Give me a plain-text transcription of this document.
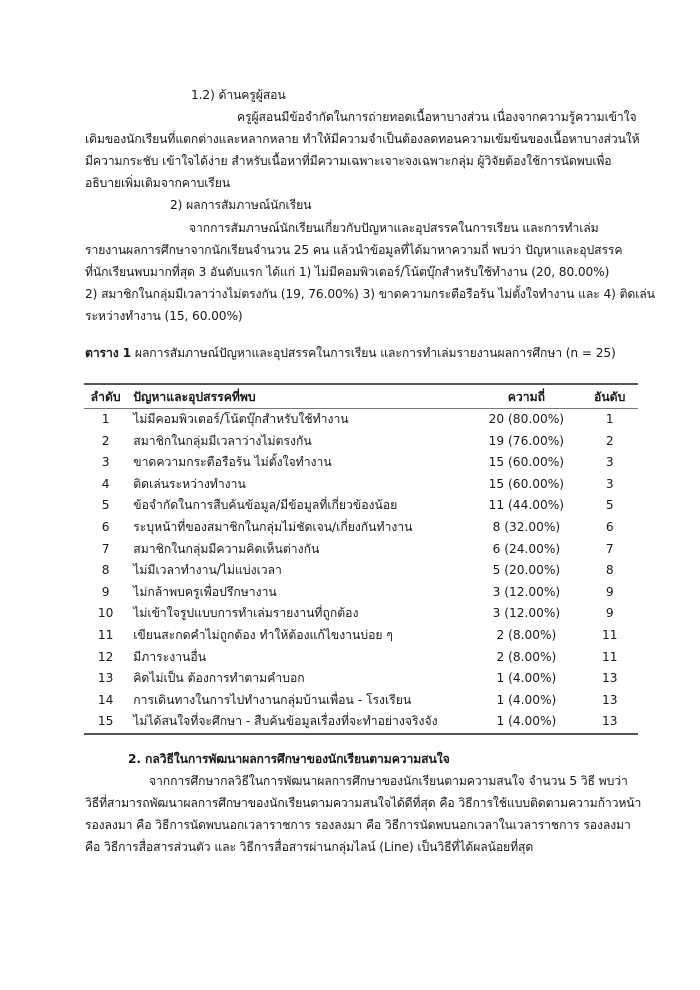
1.2) ด้านครูผู้สอน
ครูผู้สอนมีข้อจำกัดในการถ่ายทอดเนื้อหาบางส่วน เนื่องจากความรู้ความเข้าใจ
เดิมของนักเรียนที่แตกต่างและหลากหลาย ทำให้มีความจำเป็นต้องลดทอนความเข้มข้นของเนื้อหาบางส่วนให้
มีความกระชับ เข้าใจได้ง่าย สำหรับเนื้อหาที่มีความเฉพาะเจาะจงเฉพาะกลุ่ม ผู้วิจัยต้องใช้การนัดพบเพื่อ
อธิบายเพิ่มเติมจากคาบเรียน
2) ผลการสัมภาษณ์นักเรียน
จากการสัมภาษณ์นักเรียนเกี่ยวกับปัญหาและอุปสรรคในการเรียน และการทำเล่ม
รายงานผลการศึกษาจากนักเรียนจำนวน 25 คน แล้วนำข้อมูลที่ได้มาหาความถี่ พบว่า ปัญหาและอุปสรรค
ที่นักเรียนพบมากที่สุด 3 อันดับแรก ได้แก่ 1) ไม่มีคอมพิวเตอร์/โน้ตบุ๊กสำหรับใช้ทำงาน (20, 80.00%)
2) สมาชิกในกลุ่มมีเวลาว่างไม่ตรงกัน (19, 76.00%) 3) ขาดความกระตือรือร้น ไม่ตั้งใจทำงาน และ 4) ติดเล่น
ระหว่างทำงาน (15, 60.00%)
ตาราง 1 ผลการสัมภาษณ์ปัญหาและอุปสรรคในการเรียน และการทำเล่มรายงานผลการศึกษา (n = 25)
ลำดับ	ปัญหาและอุปสรรคที่พบ	ความถี่	อันดับ
1	ไม่มีคอมพิวเตอร์/โน้ตบุ๊กสำหรับใช้ทำงาน	20 (80.00%)	1
2	สมาชิกในกลุ่มมีเวลาว่างไม่ตรงกัน	19 (76.00%)	2
3	ขาดความกระตือรือร้น ไม่ตั้งใจทำงาน	15 (60.00%)	3
4	ติดเล่นระหว่างทำงาน	15 (60.00%)	3
5	ข้อจำกัดในการสืบค้นข้อมูล/มีข้อมูลที่เกี่ยวข้องน้อย	11 (44.00%)	5
6	ระบุหน้าที่ของสมาชิกในกลุ่มไม่ชัดเจน/เกี่ยงกันทำงาน	8 (32.00%)	6
7	สมาชิกในกลุ่มมีความคิดเห็นต่างกัน	6 (24.00%)	7
8	ไม่มีเวลาทำงาน/ไม่แบ่งเวลา	5 (20.00%)	8
9	ไม่กล้าพบครูเพื่อปรึกษางาน	3 (12.00%)	9
10	ไม่เข้าใจรูปแบบการทำเล่มรายงานที่ถูกต้อง	3 (12.00%)	9
11	เขียนสะกดคำไม่ถูกต้อง ทำให้ต้องแก้ไขงานบ่อย ๆ	2 (8.00%)	11
12	มีภาระงานอื่น	2 (8.00%)	11
13	คิดไม่เป็น ต้องการทำตามคำบอก	1 (4.00%)	13
14	การเดินทางในการไปทำงานกลุ่มบ้านเพื่อน - โรงเรียน	1 (4.00%)	13
15	ไม่ได้สนใจที่จะศึกษา - สืบค้นข้อมูลเรื่องที่จะทำอย่างจริงจัง	1 (4.00%)	13
2. กลวิธีในการพัฒนาผลการศึกษาของนักเรียนตามความสนใจ
จากการศึกษากลวิธีในการพัฒนาผลการศึกษาของนักเรียนตามความสนใจ จำนวน 5 วิธี พบว่า
วิธีที่สามารถพัฒนาผลการศึกษาของนักเรียนตามความสนใจได้ดีที่สุด คือ วิธีการใช้แบบติดตามความก้าวหน้า
รองลงมา คือ วิธีการนัดพบนอกเวลาราชการ รองลงมา คือ วิธีการนัดพบนอกเวลาในเวลาราชการ รองลงมา
คือ วิธีการสื่อสารส่วนตัว และ วิธีการสื่อสารผ่านกลุ่มไลน์ (Line) เป็นวิธีที่ได้ผลน้อยที่สุด
